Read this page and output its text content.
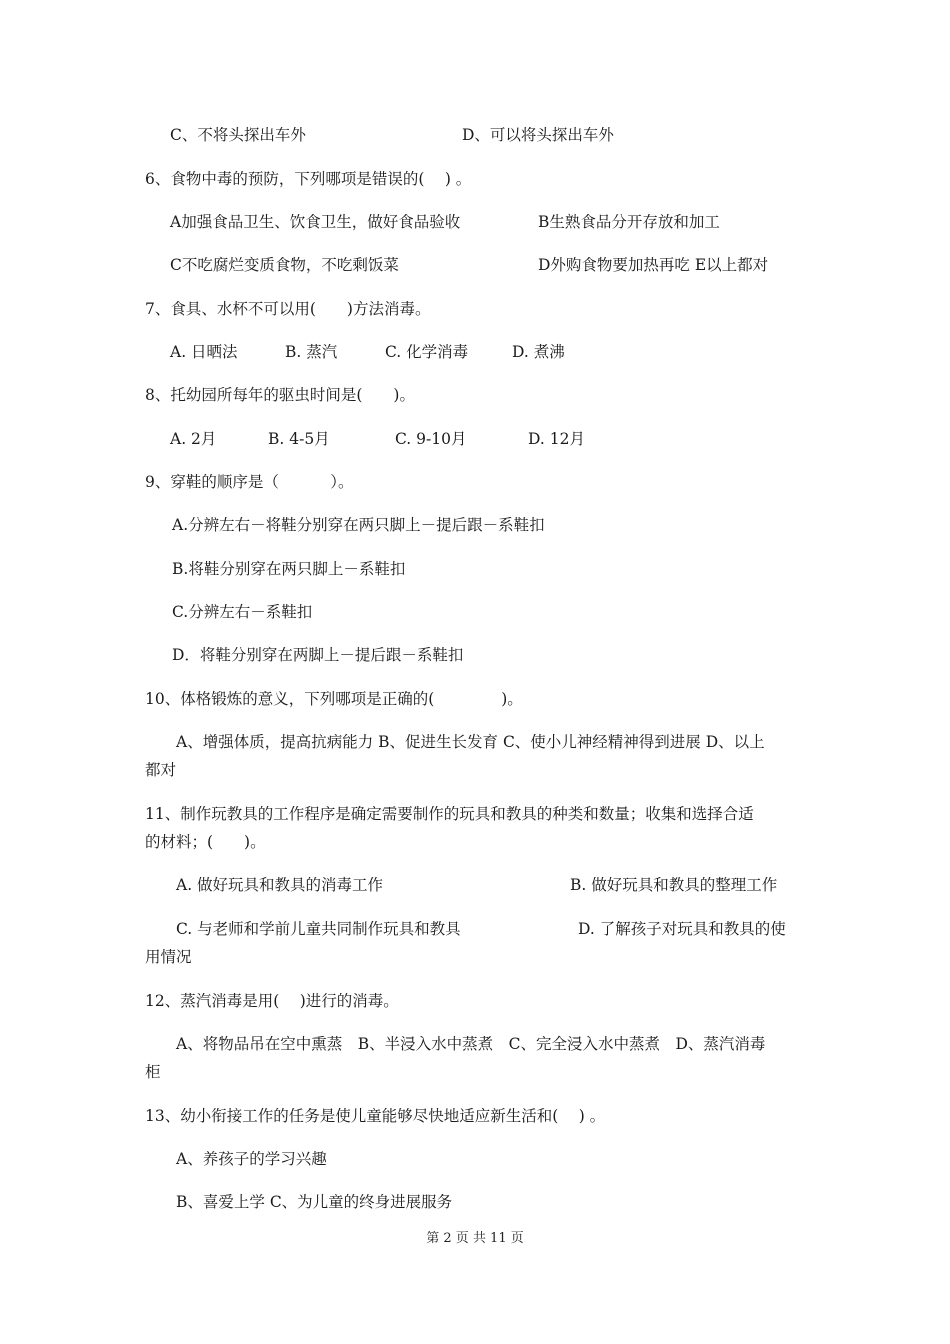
C、不将头探出车外	D、可以将头探出车外
6、食物中毒的预防，下列哪项是错误的(　 ) 。
A加强食品卫生、饮食卫生，做好食品验收	B生熟食品分开存放和加工
C不吃腐烂变质食物，不吃剩饭菜	D外购食物要加热再吃 E以上都对
7、食具、水杯不可以用(　　)方法消毒。
A. 日晒法	B. 蒸汽	C. 化学消毒	D. 煮沸
8、托幼园所每年的驱虫时间是(　　)。
A. 2月	B. 4-5月	C. 9-10月	D. 12月
9、穿鞋的顺序是（　　　 ）。
A.分辨左右－将鞋分别穿在两只脚上－提后跟－系鞋扣
B.将鞋分别穿在两只脚上－系鞋扣
C.分辨左右－系鞋扣
D．将鞋分别穿在两脚上－提后跟－系鞋扣
10、体格锻炼的意义，下列哪项是正确的(　　　　 )。
A、增强体质，提高抗病能力 B、促进生长发育 C、使小儿神经精神得到进展 D、以上
都对
11、制作玩教具的工作程序是确定需要制作的玩具和教具的种类和数量；收集和选择合适
的材料；(　　)。
A. 做好玩具和教具的消毒工作	B. 做好玩具和教具的整理工作
C. 与老师和学前儿童共同制作玩具和教具	D. 了解孩子对玩具和教具的使
用情况
12、蒸汽消毒是用(　 )进行的消毒。
A、将物品吊在空中熏蒸　B、半浸入水中蒸煮　C、完全浸入水中蒸煮　D、蒸汽消毒
柜
13、幼小衔接工作的任务是使儿童能够尽快地适应新生活和(　 ) 。
A、养孩子的学习兴趣
B、喜爱上学 C、为儿童的终身进展服务
第 2 页 共 11 页
